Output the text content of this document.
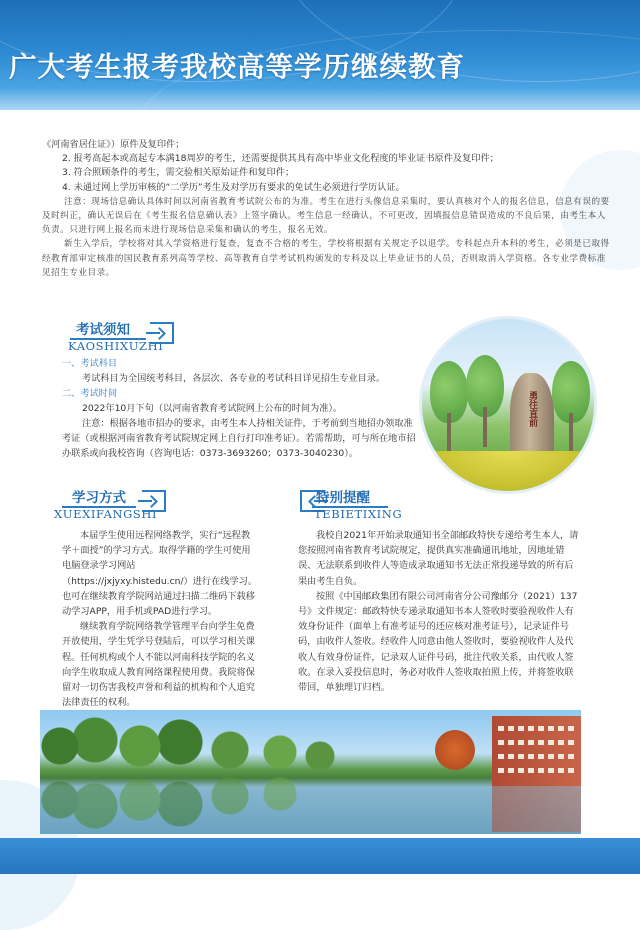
广大考生报考我校高等学历继续教育

《河南省居住证》）原件及复印件；

2. 报考高起本或高起专本满18周岁的考生，还需要提供其具有高中毕业文化程度的毕业证书原件及复印件；

3. 符合照顾条件的考生，需交验相关原始证件和复印件；

4. 未通过网上学历审核的“二学历”考生及对学历有要求的免试生必须进行学历认证。

注意：现场信息确认具体时间以河南省教育考试院公布的为准。考生在进行头像信息采集时，要认真核对个人的报名信息，信息有误的要及时纠正，确认无误后在《考生报名信息确认表》上签字确认。考生信息一经确认，不可更改，因填报信息错误造成的不良后果，由考生本人负责。只进行网上报名而未进行现场信息采集和确认的考生，报名无效。

新生入学后，学校将对其入学资格进行复查，复查不合格的考生，学校将根据有关规定予以退学。专科起点升本科的考生，必须是已取得经教育部审定核准的国民教育系列高等学校、高等教育自学考试机构颁发的专科及以上毕业证书的人员，否则取消入学资格。各专业学费标准见招生专业目录。

考试须知
KAOSHIXUZHI

一、考试科目

考试科目为全国统考科目，各层次、各专业的考试科目详见招生专业目录。

二、考试时间

2022年10月下旬（以河南省教育考试院网上公布的时间为准）。

注意：根据各地市招办的要求，由考生本人持相关证件，于考前到当地招办领取准考证（或根据河南省教育考试院规定网上自行打印准考证）。若需帮助，可与所在地市招办联系或向我校咨询（咨询电话：0373-3693260；0373-3040230）。

勇往直前
学习方式
XUEXIFANGSHI

本届学生使用远程网络教学，实行“远程教学＋面授”的学习方式。取得学籍的学生可使用电脑登录学习网站（https://jxjyxy.histedu.cn/）进行在线学习。也可在继续教育学院网站通过扫描二维码下载移动学习APP，用手机或PAD进行学习。

继续教育学院网络教学管理平台向学生免费开放使用，学生凭学号登陆后，可以学习相关课程。任何机构或个人不能以河南科技学院的名义向学生收取成人教育网络课程使用费。我院将保留对一切伤害我校声誉和利益的机构和个人追究法律责任的权利。

特别提醒
TEBIETIXING

我校自2021年开始录取通知书全部邮政特快专递给考生本人，请您按照河南省教育考试院规定，提供真实准确通讯地址，因地址错误、无法联系到收件人等造成录取通知书无法正常投递导致的所有后果由考生自负。

按照《中国邮政集团有限公司河南省分公司豫邮分（2021）137号》文件规定：邮政特快专递录取通知书本人签收时要验视收件人有效身份证件（面单上有准考证号的还应核对准考证号），记录证件号码，由收件人签收。经收件人同意由他人签收时，要验视收件人及代收人有效身份证件，记录双人证件号码，批注代收关系，由代收人签收。在录入妥投信息时，务必对收件人签收取拍照上传，并将签收联带回，单独理订归档。
